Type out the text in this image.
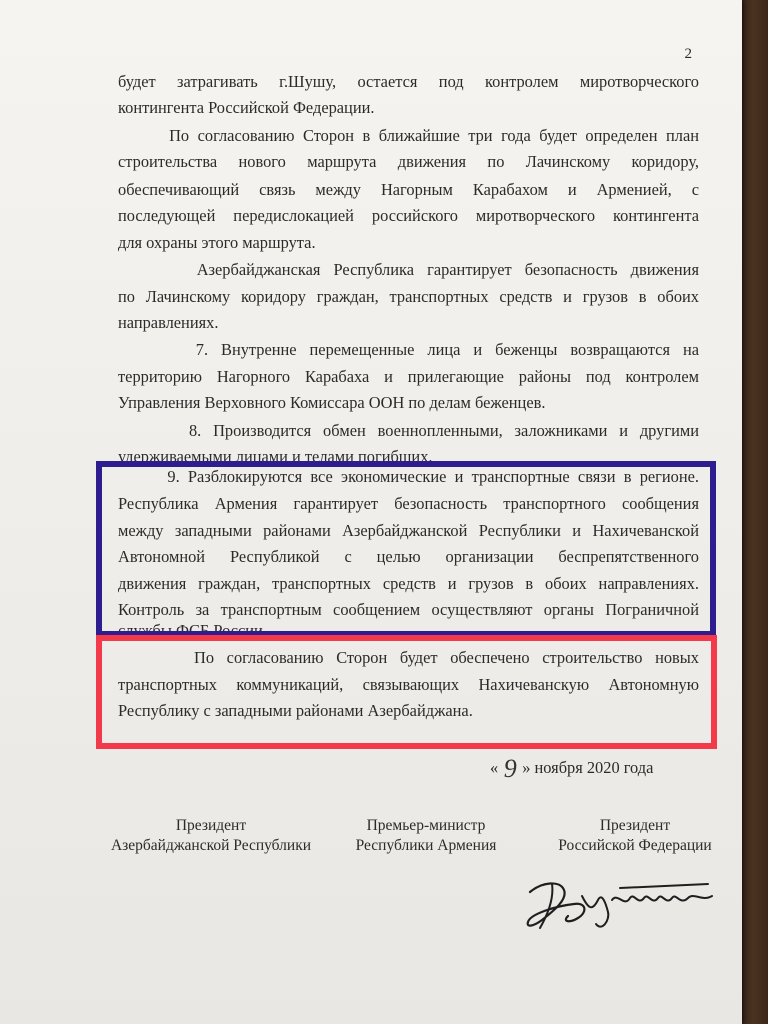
2
будет затрагивать г.Шушу, остается под контролем миротворческого
контингента Российской Федерации.
По согласованию Сторон в ближайшие три года будет определен план
строительства нового маршрута движения по Лачинскому коридору,
обеспечивающий связь между Нагорным Карабахом и Арменией, с
последующей передислокацией российского миротворческого контингента
для охраны этого маршрута.
Азербайджанская Республика гарантирует безопасность движения
по Лачинскому коридору граждан, транспортных средств и грузов в обоих
направлениях.
7. Внутренне перемещенные лица и беженцы возвращаются на
территорию Нагорного Карабаха и прилегающие районы под контролем
Управления Верховного Комиссара ООН по делам беженцев.
8. Производится обмен военнопленными, заложниками и другими
удерживаемыми лицами и телами погибших.
9. Разблокируются все экономические и транспортные связи в регионе.
Республика Армения гарантирует безопасность транспортного сообщения
между западными районами Азербайджанской Республики и Нахичеванской
Автономной Республикой с целью организации беспрепятственного
движения граждан, транспортных средств и грузов в обоих направлениях.
Контроль за транспортным сообщением осуществляют органы Пограничной
службы ФСБ России.
По согласованию Сторон будет обеспечено строительство новых
транспортных коммуникаций, связывающих Нахичеванскую Автономную
Республику с западными районами Азербайджана.
« 9 » ноября 2020 года
Президент
Азербайджанской Республики
Премьер-министр
Республики Армения
Президент
Российской Федерации
